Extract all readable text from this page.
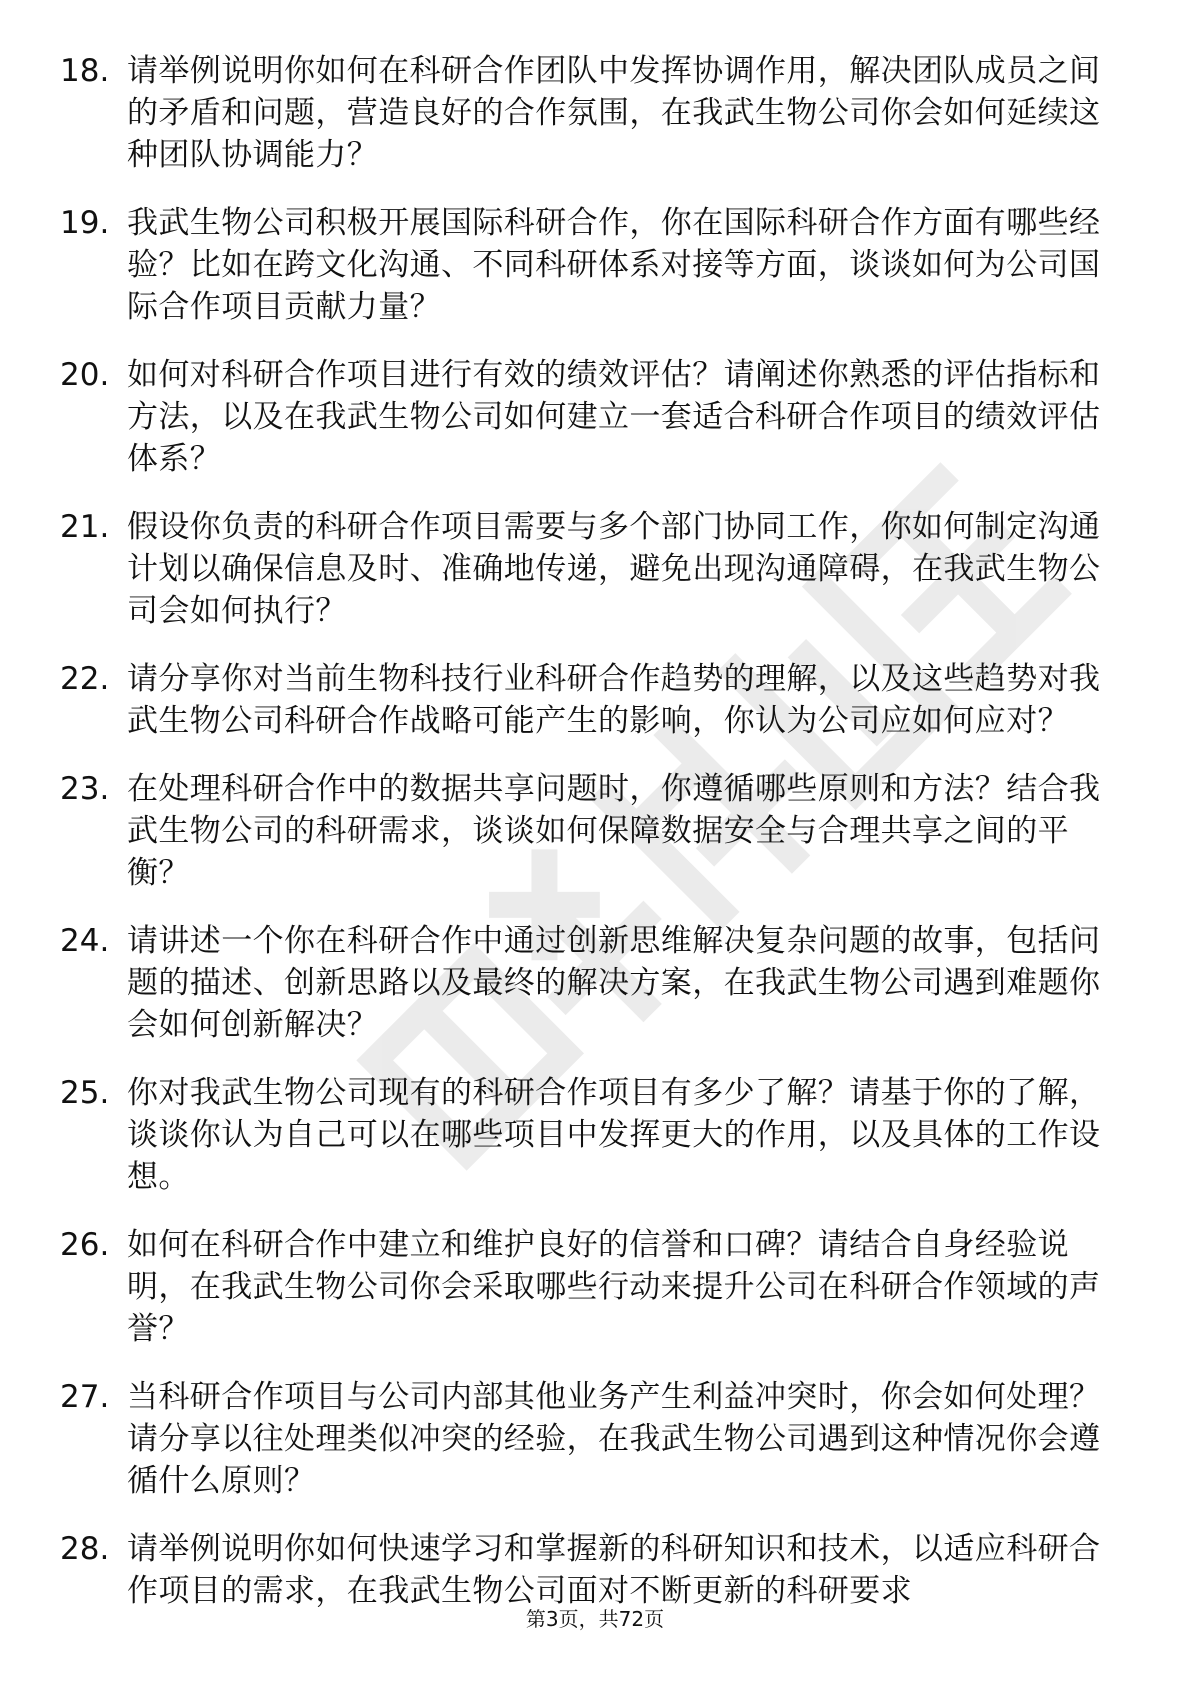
18. 请举例说明你如何在科研合作团队中发挥协调作用，解决团队成员之间的矛盾和问题，营造良好的合作氛围，在我武生物公司你会如何延续这种团队协调能力？
19. 我武生物公司积极开展国际科研合作，你在国际科研合作方面有哪些经验？比如在跨文化沟通、不同科研体系对接等方面，谈谈如何为公司国际合作项目贡献力量？
20. 如何对科研合作项目进行有效的绩效评估？请阐述你熟悉的评估指标和方法，以及在我武生物公司如何建立一套适合科研合作项目的绩效评估体系？
21. 假设你负责的科研合作项目需要与多个部门协同工作，你如何制定沟通计划以确保信息及时、准确地传递，避免出现沟通障碍，在我武生物公司会如何执行？
22. 请分享你对当前生物科技行业科研合作趋势的理解，以及这些趋势对我武生物公司科研合作战略可能产生的影响，你认为公司应如何应对？
23. 在处理科研合作中的数据共享问题时，你遵循哪些原则和方法？结合我武生物公司的科研需求，谈谈如何保障数据安全与合理共享之间的平衡？
24. 请讲述一个你在科研合作中通过创新思维解决复杂问题的故事，包括问题的描述、创新思路以及最终的解决方案，在我武生物公司遇到难题你会如何创新解决？
25. 你对我武生物公司现有的科研合作项目有多少了解？请基于你的了解，谈谈你认为自己可以在哪些项目中发挥更大的作用，以及具体的工作设想。
26. 如何在科研合作中建立和维护良好的信誉和口碑？请结合自身经验说明，在我武生物公司你会采取哪些行动来提升公司在科研合作领域的声誉？
27. 当科研合作项目与公司内部其他业务产生利益冲突时，你会如何处理？请分享以往处理类似冲突的经验，在我武生物公司遇到这种情况你会遵循什么原则？
28. 请举例说明你如何快速学习和掌握新的科研知识和技术，以适应科研合作项目的需求，在我武生物公司面对不断更新的科研要求
第3页，共72页
